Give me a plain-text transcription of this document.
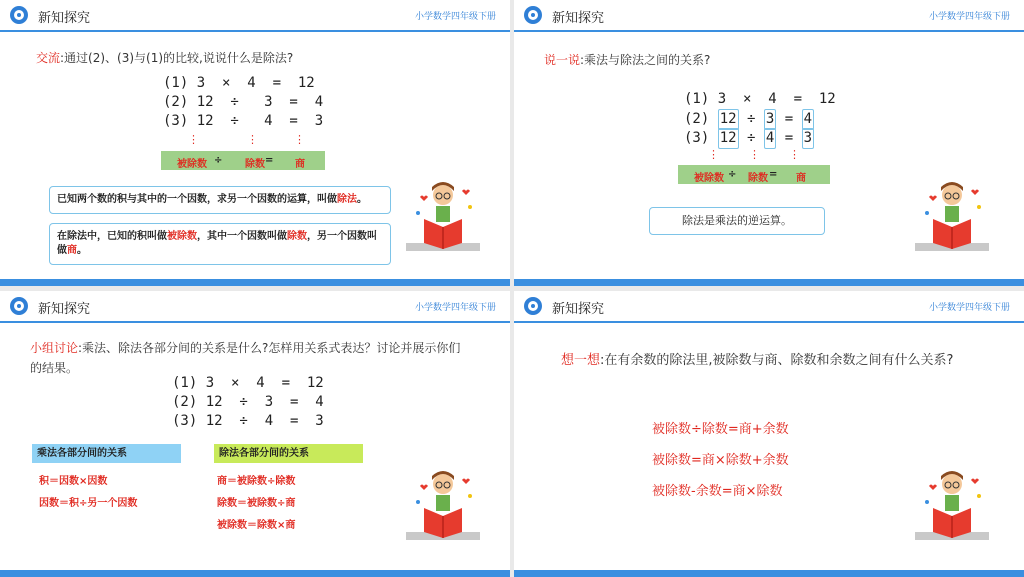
新知探究	小学数学四年级下册
交流:通过(2)、(3)与(1)的比较,说说什么是除法?
(1) 3  ×  4  =  12
(2) 12  ÷   3  =  4
(3) 12  ÷   4  =  3
⋮	⋮	⋮
被除数 ÷ 除数 = 商
已知两个数的积与其中的一个因数，求另一个因数的运算，叫做除法。
在除法中，已知的积叫做被除数，其中一个因数叫做除数，另一个因数叫做商。
新知探究	小学数学四年级下册
说一说:乘法与除法之间的关系?
(1) 3  ×  4  =  12
(2) 12 ÷ 3 = 4
(3) 12 ÷ 4 = 3
⋮	⋮	⋮
被除数 ÷ 除数 = 商
除法是乘法的逆运算。
新知探究	小学数学四年级下册
小组讨论:乘法、除法各部分间的关系是什么?怎样用关系式表达？讨论并展示你们的结果。
(1) 3  ×  4  =  12
(2) 12  ÷  3  =  4
(3) 12  ÷  4  =  3
乘法各部分间的关系	除法各部分间的关系
积＝因数×因数
因数＝积÷另一个因数
商＝被除数÷除数
除数＝被除数÷商
被除数＝除数×商
新知探究	小学数学四年级下册
想一想:在有余数的除法里,被除数与商、除数和余数之间有什么关系?
被除数÷除数=商+余数
被除数=商×除数+余数
被除数-余数=商×除数
